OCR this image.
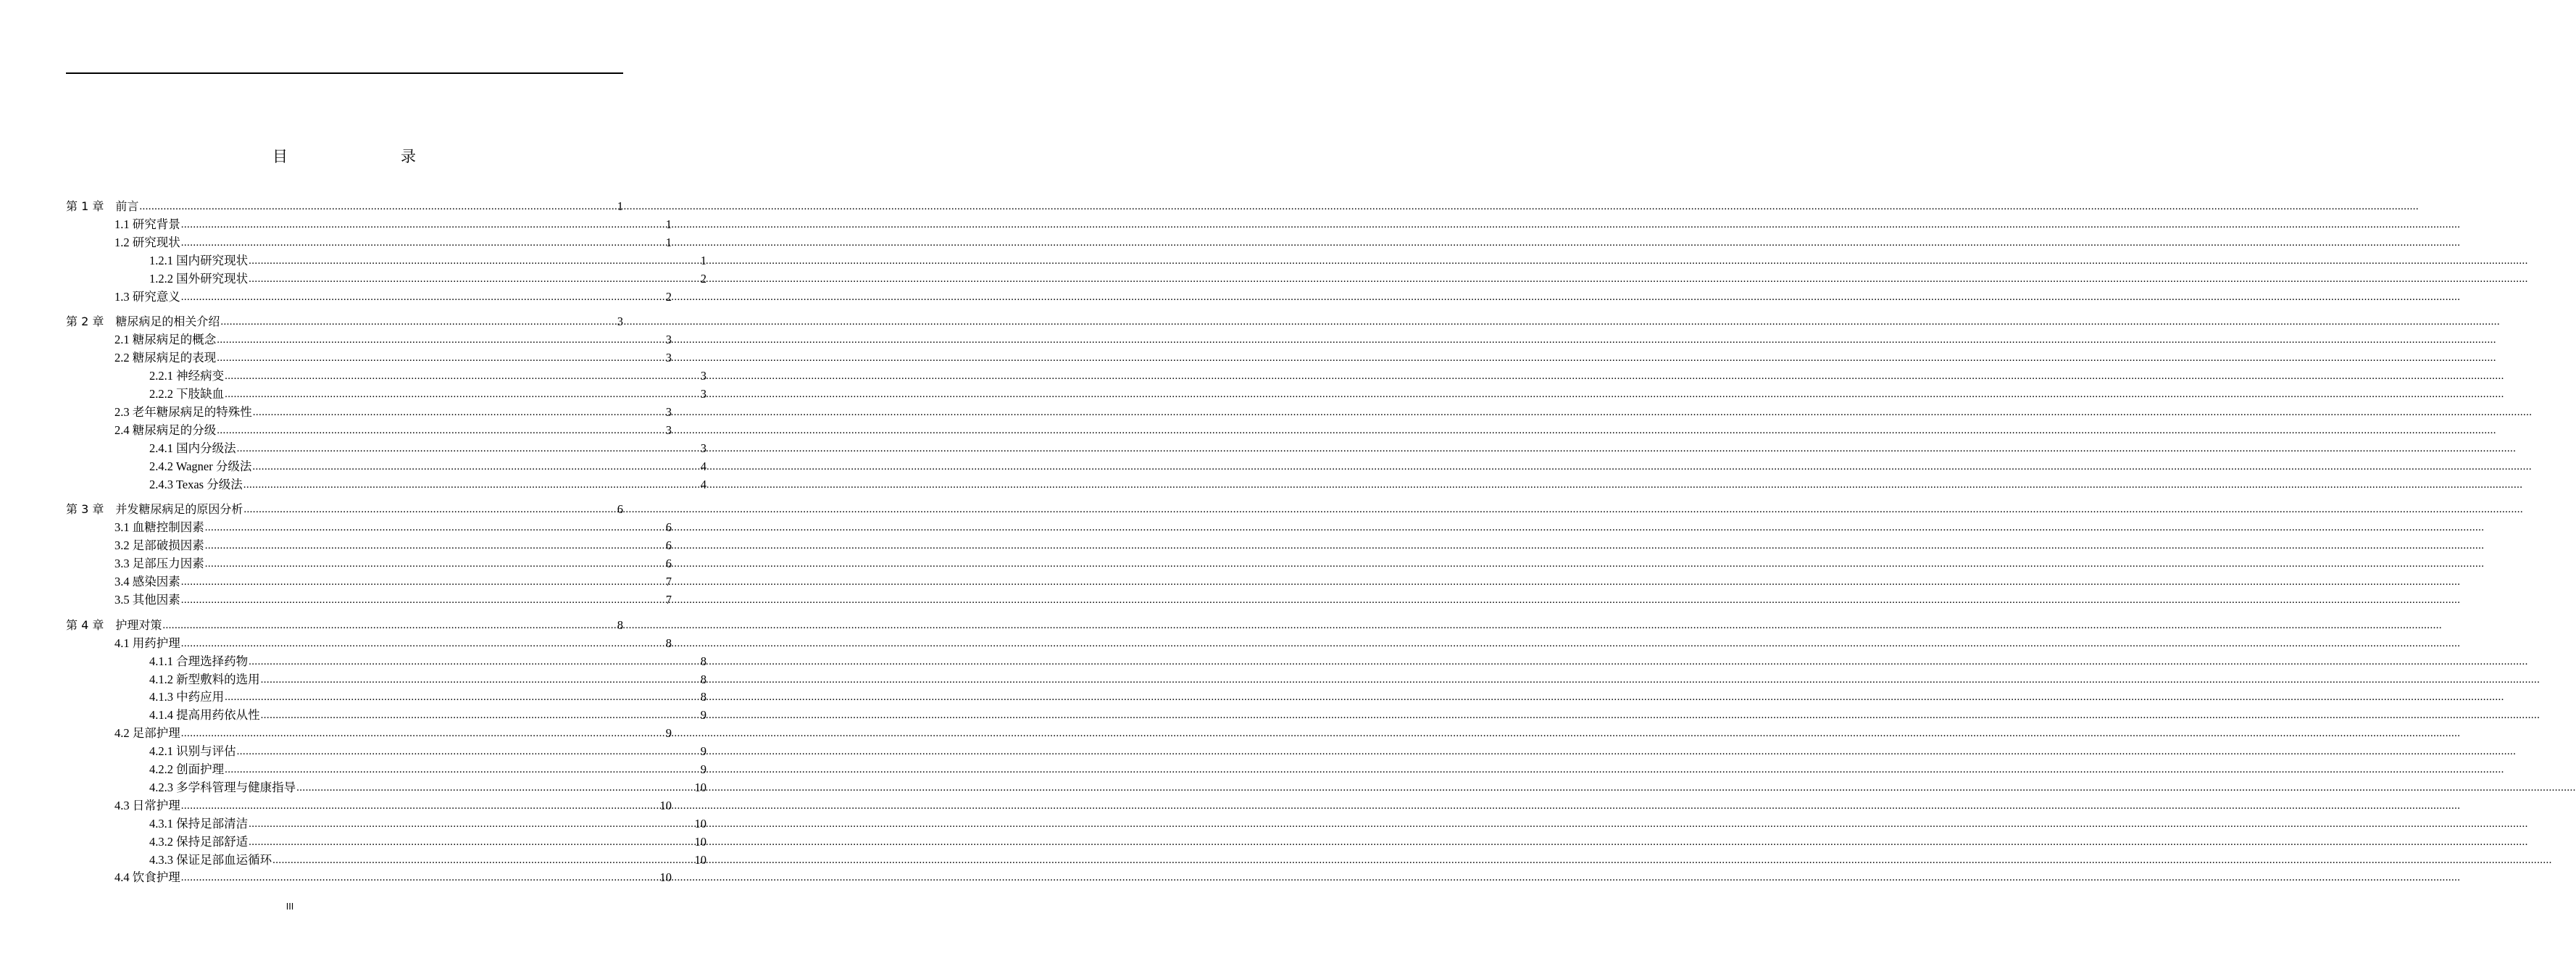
目　　录
第 1 章　前言 .....	1
1.1 研究背景 .....	1
1.2 研究现状 .....	1
1.2.1 国内研究现状 .....	1
1.2.2 国外研究现状 .....	2
1.3 研究意义 .....	2
第 2 章　糖尿病足的相关介绍 .....	3
2.1 糖尿病足的概念 .....	3
2.2 糖尿病足的表现 .....	3
2.2.1 神经病变 .....	3
2.2.2 下肢缺血 .....	3
2.3 老年糖尿病足的特殊性 .....	3
2.4 糖尿病足的分级 .....	3
2.4.1 国内分级法 .....	3
2.4.2 Wagner 分级法 .....	4
2.4.3 Texas 分级法 .....	4
第 3 章　并发糖尿病足的原因分析 .....	6
3.1 血糖控制因素 .....	6
3.2 足部破损因素 .....	6
3.3 足部压力因素 .....	6
3.4 感染因素 .....	7
3.5 其他因素 .....	7
第 4 章　护理对策 .....	8
4.1 用药护理 .....	8
4.1.1 合理选择药物 .....	8
4.1.2 新型敷料的选用 .....	8
4.1.3 中药应用 .....	8
4.1.4 提高用药依从性 .....	9
4.2 足部护理 .....	9
4.2.1 识别与评估 .....	9
4.2.2 创面护理 .....	9
4.2.3 多学科管理与健康指导 .....	10
4.3 日常护理 .....	10
4.3.1 保持足部清洁 .....	10
4.3.2 保持足部舒适 .....	10
4.3.3 保证足部血运循环 .....	10
4.4 饮食护理 .....	10
III
